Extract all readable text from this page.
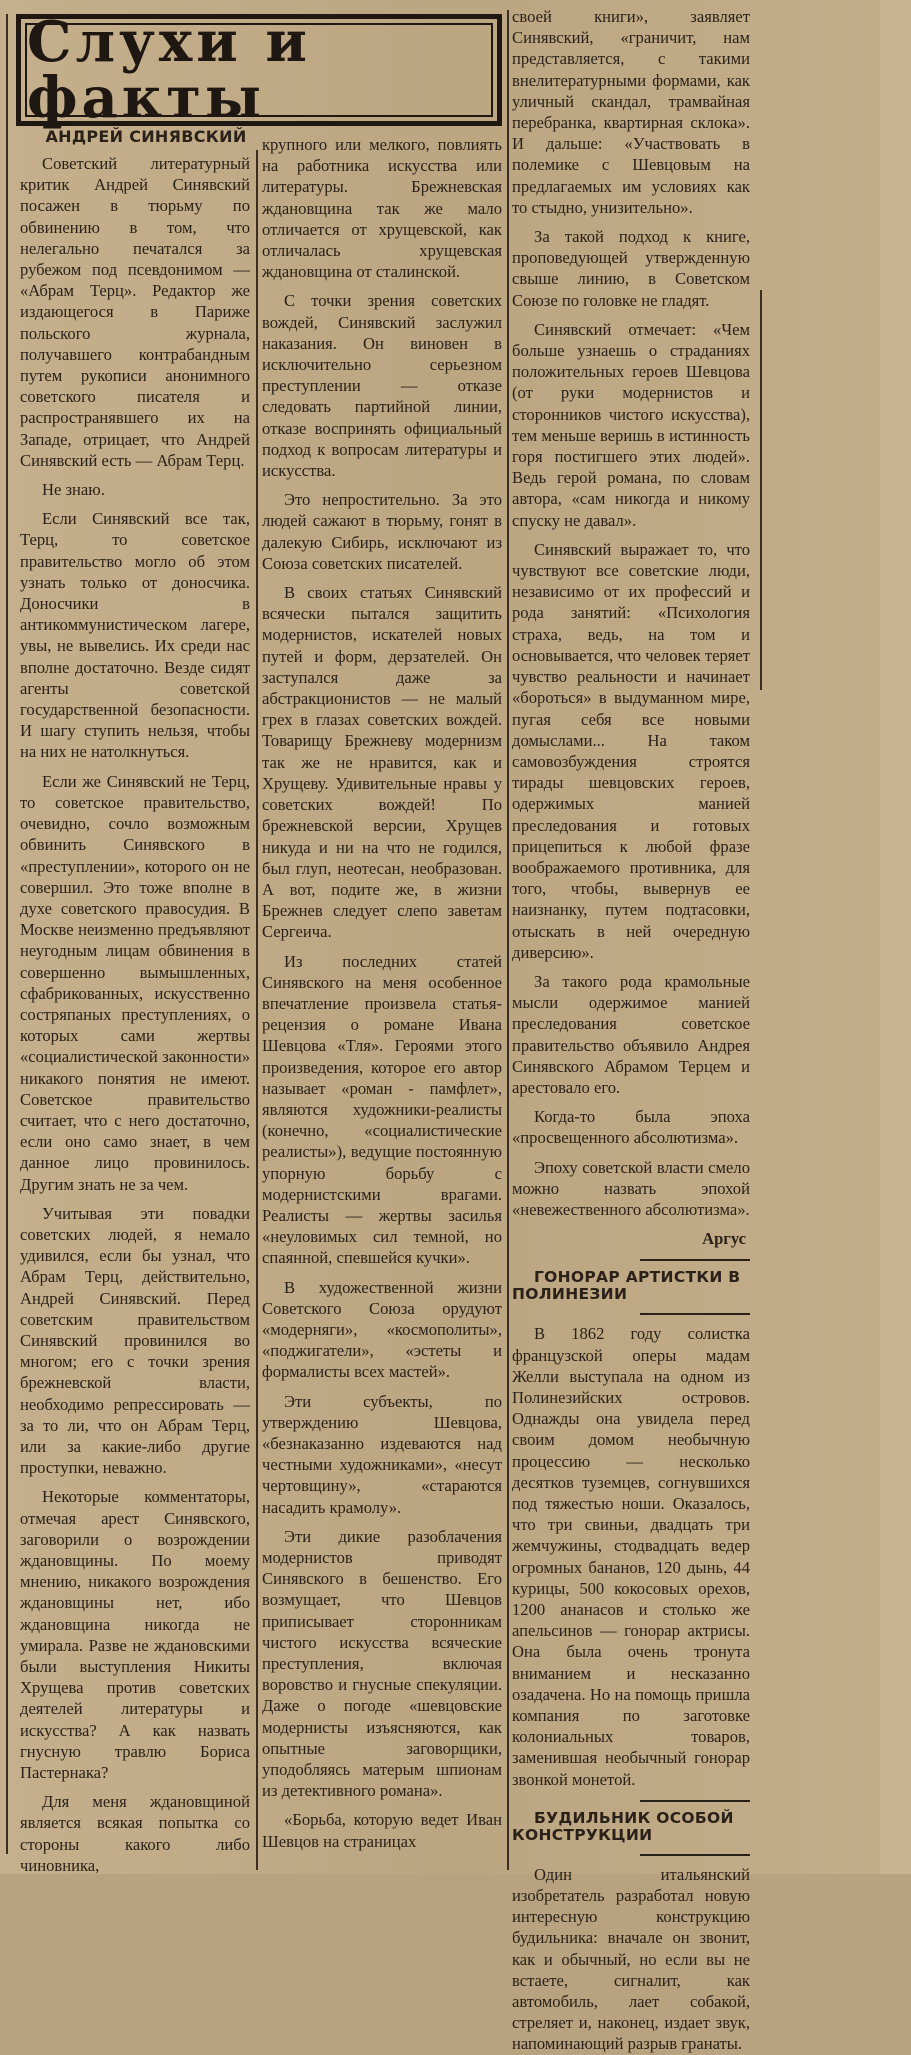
Слухи и факты

АНДРЕЙ СИНЯВСКИЙ

Советский литературный критик Андрей Синявский посажен в тюрьму по обвинению в том, что нелегально печатался за рубежом под псевдонимом — «Абрам Терц». Редактор же издающегося в Париже польского журнала, получавшего контрабандным путем рукописи анонимного советского писателя и распространявшего их на Западе, отрицает, что Андрей Синявский есть — Абрам Терц.

Не знаю.

Если Синявский все так, Терц, то советское правительство могло об этом узнать только от доносчика. Доносчики в антикоммунистическом лагере, увы, не вывелись. Их среди нас вполне достаточно. Везде сидят агенты советской государственной безопасности. И шагу ступить нельзя, чтобы на них не натолкнуться.

Если же Синявский не Терц, то советское правительство, очевидно, сочло возможным обвинить Синявского в «преступлении», которого он не совершил. Это тоже вполне в духе советского правосудия. В Москве неизменно предъявляют неугодным лицам обвинения в совершенно вымышленных, сфабрикованных, искусственно состряпаных преступлениях, о которых сами жертвы «социалистической законности» никакого понятия не имеют. Советское правительство считает, что с него достаточно, если оно само знает, в чем данное лицо провинилось. Другим знать не за чем.

Учитывая эти повадки советских людей, я немало удивился, если бы узнал, что Абрам Терц, действительно, Андрей Синявский. Перед советским правительством Синявский провинился во многом; его с точки зрения брежневской власти, необходимо репрессировать — за то ли, что он Абрам Терц, или за какие-либо другие проступки, неважно.

Некоторые комментаторы, отмечая арест Синявского, заговорили о возрождении ждановщины. По моему мнению, никакого возрождения ждановщины нет, ибо ждановщина никогда не умирала. Разве не ждановскими были выступления Никиты Хрущева против советских деятелей литературы и искусства? А как назвать гнусную травлю Бориса Пастернака?

Для меня ждановщиной является всякая попытка со стороны какого либо чиновника,

крупного или мелкого, повлиять на работника искусства или литературы. Брежневская ждановщина так же мало отличается от хрущевской, как отличалась хрущевская ждановщина от сталинской.

С точки зрения советских вождей, Синявский заслужил наказания. Он виновен в исключительно серьезном преступлении — отказе следовать партийной линии, отказе воспринять официальный подход к вопросам литературы и искусства.

Это непростительно. За это людей сажают в тюрьму, гонят в далекую Сибирь, исключают из Союза советских писателей.

В своих статьях Синявский всячески пытался защитить модернистов, искателей новых путей и форм, дерзателей. Он заступался даже за абстракционистов — не малый грех в глазах советских вождей. Товарищу Брежневу модернизм так же не нравится, как и Хрущеву. Удивительные нравы у советских вождей! По брежневской версии, Хрущев никуда и ни на что не годился, был глуп, неотесан, необразован. А вот, подите же, в жизни Брежнев следует слепо заветам Сергеича.

Из последних статей Синявского на меня особенное впечатление произвела статья-рецензия о романе Ивана Шевцова «Тля». Героями этого произведения, которое его автор называет «роман - памфлет», являются художники-реалисты (конечно, «социалистические реалисты»), ведущие постоянную упорную борьбу с модернистскими врагами. Реалисты — жертвы засилья «неуловимых сил темной, но спаянной, спевшейся кучки».

В художественной жизни Советского Союза орудуют «модерняги», «космополиты», «поджигатели», «эстеты и формалисты всех мастей».

Эти субъекты, по утверждению Шевцова, «безнаказанно издеваются над честными художниками», «несут чертовщину», «стараются насадить крамолу».

Эти дикие разоблачения модернистов приводят Синявского в бешенство. Его возмущает, что Шевцов приписывает сторонникам чистого искусства всяческие преступления, включая воровство и гнусные спекуляции. Даже о погоде «шевцовские модернисты изъясняются, как опытные заговорщики, уподобляясь матерым шпионам из детективного романа».

«Борьба, которую ведет Иван Шевцов на страницах

своей книги», заявляет Синявский, «граничит, нам представляется, с такими внелитературными формами, как уличный скандал, трамвайная перебранка, квартирная склока». И дальше: «Участвовать в полемике с Шевцовым на предлагаемых им условиях как то стыдно, унизительно».

За такой подход к книге, проповедующей утвержденную свыше линию, в Советском Союзе по головке не гладят.

Синявский отмечает: «Чем больше узнаешь о страданиях положительных героев Шевцова (от руки модернистов и сторонников чистого искусства), тем меньше веришь в истинность горя постигшего этих людей». Ведь герой романа, по словам автора, «сам никогда и никому спуску не давал».

Синявский выражает то, что чувствуют все советские люди, независимо от их профессий и рода занятий: «Психология страха, ведь, на том и основывается, что человек теряет чувство реальности и начинает «бороться» в выдуманном мире, пугая себя все новыми домыслами... На таком самовозбуждения строятся тирады шевцовских героев, одержимых манией преследования и готовых прицепиться к любой фразе воображаемого противника, для того, чтобы, вывернув ее наизнанку, путем подтасовки, отыскать в ней очередную диверсию».

За такого рода крамольные мысли одержимое манией преследования советское правительство объявило Андрея Синявского Абрамом Терцем и арестовало его.

Когда-то была эпоха «просвещенного абсолютизма».

Эпоху советской власти смело можно назвать эпохой «невежественного абсолютизма».

Аргус

ГОНОРАР АРТИСТКИ В ПОЛИНЕЗИИ

В 1862 году солистка французской оперы мадам Желли выступала на одном из Полинезийских островов. Однажды она увидела перед своим домом необычную процессию — несколько десятков туземцев, согнувшихся под тяжестью ноши. Оказалось, что три свиньи, двадцать три жемчужины, стодвадцать ведер огромных бананов, 120 дынь, 44 курицы, 500 кокосовых орехов, 1200 ананасов и столько же апельсинов — гонорар актрисы. Она была очень тронута вниманием и несказанно озадачена. Но на помощь пришла компания по заготовке колониальных товаров, заменившая необычный гонорар звонкой монетой.

БУДИЛЬНИК ОСОБОЙ КОНСТРУКЦИИ

Один итальянский изобретатель разработал новую интересную конструкцию будильника: вначале он звонит, как и обычный, но если вы не встаете, сигналит, как автомобиль, лает собакой, стреляет и, наконец, издает звук, напоминающий разрыв гранаты.
